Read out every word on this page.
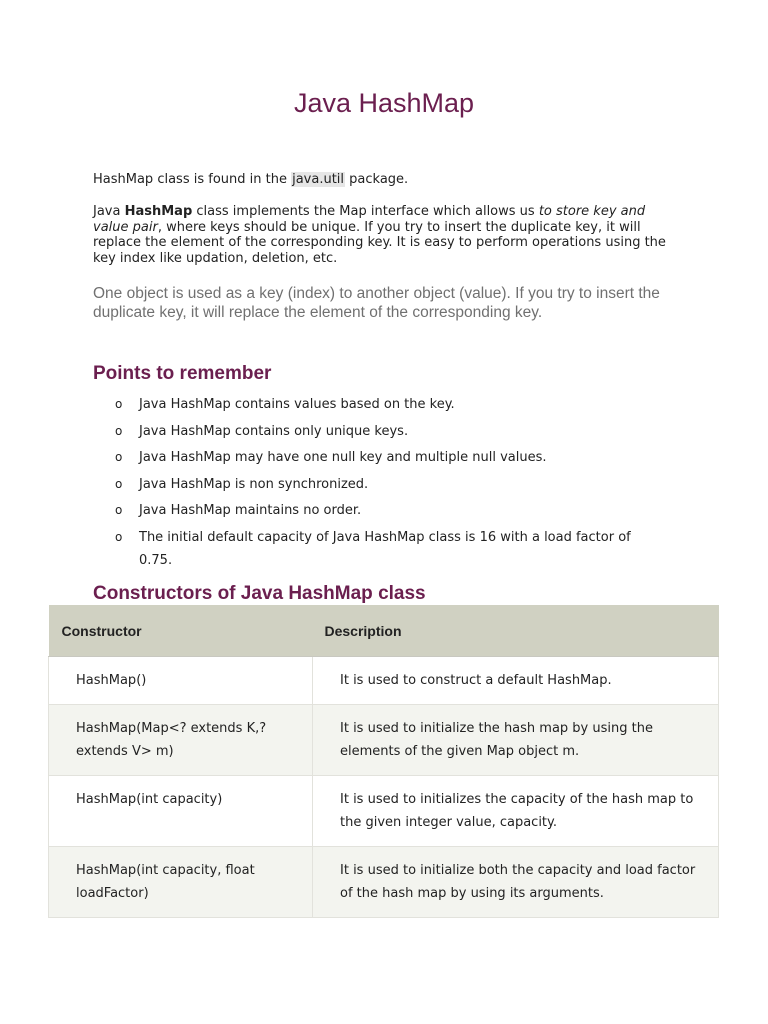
Java HashMap

HashMap class is found in the java.util package.

Java HashMap class implements the Map interface which allows us to store key and value pair, where keys should be unique. If you try to insert the duplicate key, it will replace the element of the corresponding key. It is easy to perform operations using the key index like updation, deletion, etc.

One object is used as a key (index) to another object (value). If you try to insert the duplicate key, it will replace the element of the corresponding key.

Points to remember
o Java HashMap contains values based on the key.
o Java HashMap contains only unique keys.
o Java HashMap may have one null key and multiple null values.
o Java HashMap is non synchronized.
o Java HashMap maintains no order.
o The initial default capacity of Java HashMap class is 16 with a load factor of 0.75.
Constructors of Java HashMap class
Constructor	Description
HashMap()	It is used to construct a default HashMap.
HashMap(Map<? extends K,? extends V> m)	It is used to initialize the hash map by using the elements of the given Map object m.
HashMap(int capacity)	It is used to initializes the capacity of the hash map to the given integer value, capacity.
HashMap(int capacity, float loadFactor)	It is used to initialize both the capacity and load factor of the hash map by using its arguments.
